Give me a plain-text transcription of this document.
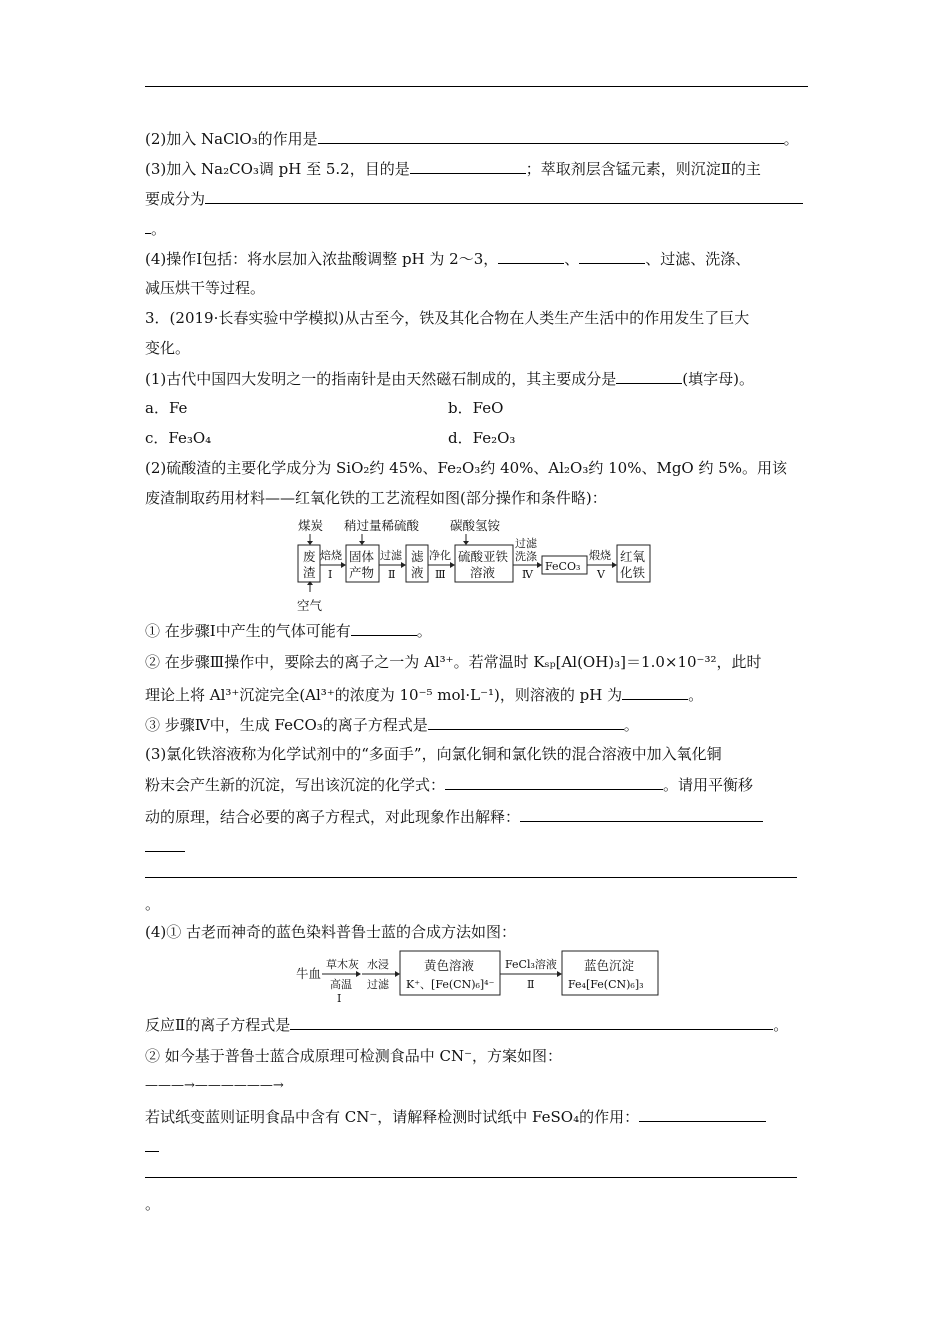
(2)加入 NaClO₃的作用是	。
(3)加入 Na₂CO₃调 pH 至 5.2，目的是	；萃取剂层含锰元素，则沉淀Ⅱ的主
要成分为
。
(4)操作Ⅰ包括：将水层加入浓盐酸调整 pH 为 2～3，	、	、过滤、洗涤、
减压烘干等过程。
3．(2019·长春实验中学模拟)从古至今，铁及其化合物在人类生产生活中的作用发生了巨大
变化。
(1)古代中国四大发明之一的指南针是由天然磁石制成的，其主要成分是	(填字母)。
a．Fe	b．FeO
c．Fe₃O₄	d．Fe₂O₃
(2)硫酸渣的主要化学成分为 SiO₂约 45%、Fe₂O₃约 40%、Al₂O₃约 10%、MgO 约 5%。用该
废渣制取药用材料——红氧化铁的工艺流程如图(部分操作和条件略)：
煤炭 稍过量稀硫酸 碳酸氢铵
空气
废
渣
固体
产物
滤
液
硫酸亚铁
溶液	FeCO₃
红氧
化铁
焙烧
Ⅰ
过滤
Ⅱ
净化
Ⅲ
过滤
洗涤
Ⅳ
煅烧
Ⅴ
牛血
草木灰
高温
Ⅰ
水浸
过滤
黄色溶液
K⁺、[Fe(CN)₆]⁴⁻
FeCl₃溶液
Ⅱ
蓝色沉淀
Fe₄[Fe(CN)₆]₃
① 在步骤Ⅰ中产生的气体可能有	。
② 在步骤Ⅲ操作中，要除去的离子之一为 Al³⁺。若常温时 Kₛₚ[Al(OH)₃]＝1.0×10⁻³²，此时
理论上将 Al³⁺沉淀完全(Al³⁺的浓度为 10⁻⁵ mol·L⁻¹)，则溶液的 pH 为	。
③ 步骤Ⅳ中，生成 FeCO₃的离子方程式是	。
(3)氯化铁溶液称为化学试剂中的“多面手”，向氯化铜和氯化铁的混合溶液中加入氧化铜
粉末会产生新的沉淀，写出该沉淀的化学式：	。请用平衡移
动的原理，结合必要的离子方程式，对此现象作出解释：
。
(4)① 古老而神奇的蓝色染料普鲁士蓝的合成方法如图：
反应Ⅱ的离子方程式是	。
② 如今基于普鲁士蓝合成原理可检测食品中 CN⁻，方案如图：
———→——————→
若试纸变蓝则证明食品中含有 CN⁻，请解释检测时试纸中 FeSO₄的作用：
。
